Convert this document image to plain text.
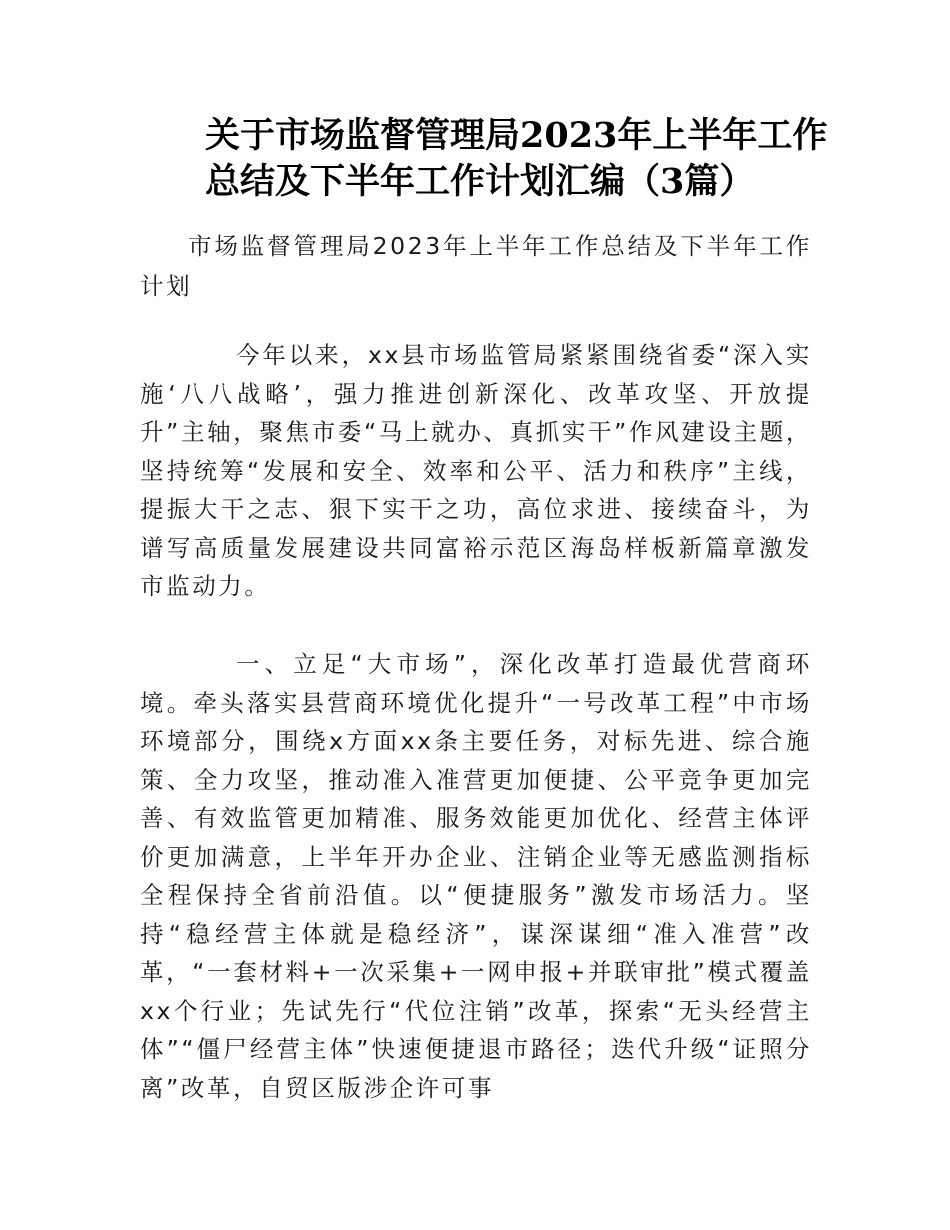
关于市场监督管理局2023年上半年工作
总结及下半年工作计划汇编（3篇）

市场监督管理局2023年上半年工作总结及下半年工作计划

今年以来，xx县市场监管局紧紧围绕省委“深入实施‘八八战略’，强力推进创新深化、改革攻坚、开放提升”主轴，聚焦市委“马上就办、真抓实干”作风建设主题，坚持统筹“发展和安全、效率和公平、活力和秩序”主线，提振大干之志、狠下实干之功，高位求进、接续奋斗，为谱写高质量发展建设共同富裕示范区海岛样板新篇章激发市监动力。

一、立足“大市场”，深化改革打造最优营商环境。牵头落实县营商环境优化提升“一号改革工程”中市场环境部分，围绕x方面xx条主要任务，对标先进、综合施策、全力攻坚，推动准入准营更加便捷、公平竞争更加完善、有效监管更加精准、服务效能更加优化、经营主体评价更加满意，上半年开办企业、注销企业等无感监测指标全程保持全省前沿值。以“便捷服务”激发市场活力。坚持“稳经营主体就是稳经济”，谋深谋细“准入准营”改革，“一套材料+一次采集+一网申报+并联审批”模式覆盖xx个行业；先试先行“代位注销”改革，探索“无头经营主体”“僵尸经营主体”快速便捷退市路径；迭代升级“证照分离”改革，自贸区版涉企许可事
